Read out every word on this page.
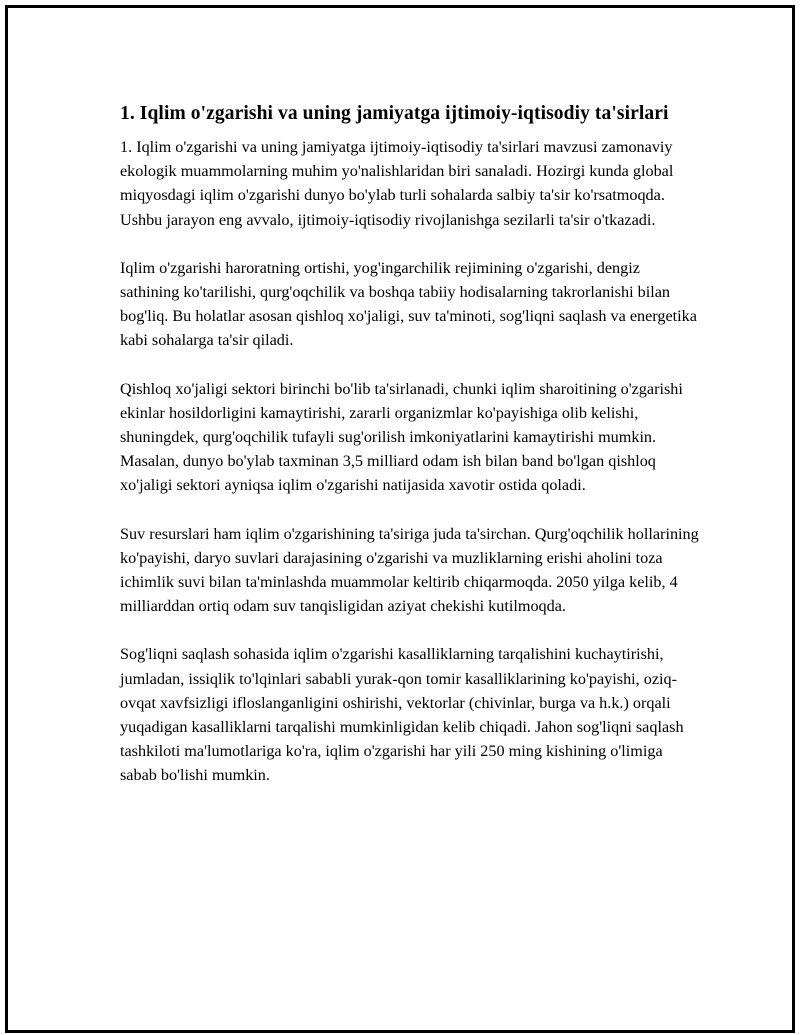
1. Iqlim o'zgarishi va uning jamiyatga ijtimoiy-iqtisodiy ta'sirlari

1. Iqlim o'zgarishi va uning jamiyatga ijtimoiy-iqtisodiy ta'sirlari mavzusi zamonaviy ekologik muammolarning muhim yo'nalishlaridan biri sanaladi. Hozirgi kunda global miqyosdagi iqlim o'zgarishi dunyo bo'ylab turli sohalarda salbiy ta'sir ko'rsatmoqda. Ushbu jarayon eng avvalo, ijtimoiy-iqtisodiy rivojlanishga sezilarli ta'sir o'tkazadi.

Iqlim o'zgarishi haroratning ortishi, yog'ingarchilik rejimining o'zgarishi, dengiz sathining ko'tarilishi, qurg'oqchilik va boshqa tabiiy hodisalarning takrorlanishi bilan bog'liq. Bu holatlar asosan qishloq xo'jaligi, suv ta'minoti, sog'liqni saqlash va energetika kabi sohalarga ta'sir qiladi.

Qishloq xo'jaligi sektori birinchi bo'lib ta'sirlanadi, chunki iqlim sharoitining o'zgarishi ekinlar hosildorligini kamaytirishi, zararli organizmlar ko'payishiga olib kelishi, shuningdek, qurg'oqchilik tufayli sug'orilish imkoniyatlarini kamaytirishi mumkin. Masalan, dunyo bo'ylab taxminan 3,5 milliard odam ish bilan band bo'lgan qishloq xo'jaligi sektori ayniqsa iqlim o'zgarishi natijasida xavotir ostida qoladi.

Suv resurslari ham iqlim o'zgarishining ta'siriga juda ta'sirchan. Qurg'oqchilik hollarining ko'payishi, daryo suvlari darajasining o'zgarishi va muzliklarning erishi aholini toza ichimlik suvi bilan ta'minlashda muammolar keltirib chiqarmoqda. 2050 yilga kelib, 4 milliarddan ortiq odam suv tanqisligidan aziyat chekishi kutilmoqda.

Sog'liqni saqlash sohasida iqlim o'zgarishi kasalliklarning tarqalishini kuchaytirishi, jumladan, issiqlik to'lqinlari sababli yurak-qon tomir kasalliklarining ko'payishi, oziq-ovqat xavfsizligi ifloslanganligini oshirishi, vektorlar (chivinlar, burga va h.k.) orqali yuqadigan kasalliklarni tarqalishi mumkinligidan kelib chiqadi. Jahon sog'liqni saqlash tashkiloti ma'lumotlariga ko'ra, iqlim o'zgarishi har yili 250 ming kishining o'limiga sabab bo'lishi mumkin.
